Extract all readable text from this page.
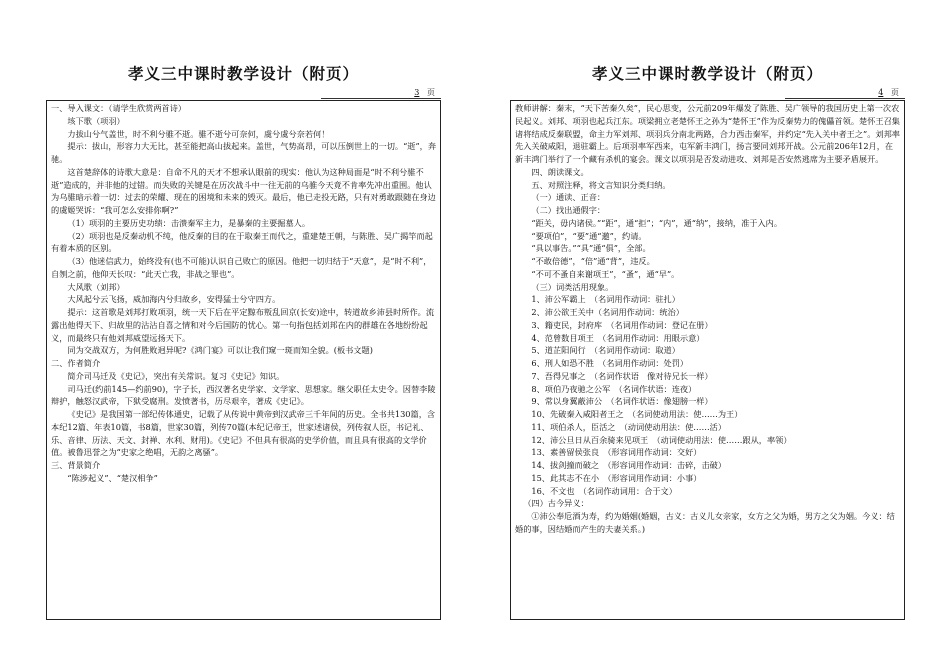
孝义三中课时教学设计（附页）
3 页

一、导入课文：（请学生欣赏两首诗）

垓下歌（项羽）

力拔山兮气盖世，时不利兮骓不逝。骓不逝兮可奈何，虞兮虞兮奈若何！

提示：拔山，形容力大无比，甚至能把高山拔起来。盖世，气势高昂，可以压倒世上的一切。“逝”，奔驰。

这首楚辞体的诗歌大意是：自命不凡的天才不想承认眼前的现实：他认为这种局面是“时不利兮骓不逝”造成的，并非他的过错。而失败的关键是在历次战斗中一往无前的乌骓今天竟不肯率先冲出重围。他认为乌骓暗示着一切：过去的荣耀、现在的困境和未来的毁灭。最后，他已走投无路，只有对勇敢跟随在身边的虞姬哭诉：“我可怎么安排你啊?”

（1）项羽的主要历史功绩：击溃秦军主力，是暴秦的主要掘墓人。

（2）项羽也是反秦动机不纯，他反秦的目的在于取秦王而代之，重建楚王朝，与陈胜、吴广揭竿而起有着本质的区别。

（3）他迷信武力，始终没有(也不可能)认识自己败亡的原因。他把一切归结于“天意”，是“时不利”，自刎之前，他仰天长叹：“此天亡我，非战之罪也”。

大风歌（刘邦）

大风起兮云飞扬，威加海内兮归故乡，安得猛士兮守四方。

提示：这首歌是刘邦打败项羽，统一天下后在平定黥布叛乱回京(长安)途中，转道故乡沛县时所作。流露出他得天下、归故里的沾沾自喜之情和对今后国防的忧心。第一句指包括刘邦在内的群雄在各地纷纷起义，而最终只有他刘邦威望远扬天下。

同为交战双方，为何胜败迥异呢?《鸿门宴》可以让我们窥一斑而知全貌。(板书文题)

二、作者简介

简介司马迁及《史记》，突出有关常识。复习《史记》知识。

司马迁(约前145—约前90)，字子长，西汉著名史学家、文学家、思想家。继父职任太史令。因替李陵辩护，触怒汉武帝，下狱受腐刑。发愤著书，历尽艰辛，著成《史记》。

《史记》是我国第一部纪传体通史，记载了从传说中黄帝到汉武帝三千年间的历史。全书共130篇，含本纪12篇、年表10篇，书8篇，世家30篇，列传70篇(本纪记帝王，世家述诸侯，列传叙人臣，书记礼、乐、音律、历法、天文、封禅、水利、财用)。《史记》不但具有很高的史学价值，而且具有很高的文学价值。被鲁迅誉之为“史家之绝唱，无韵之离骚”。

三、背景简介

“陈涉起义”、“楚汉相争”

孝义三中课时教学设计（附页）
4 页

教师讲解：秦末，“天下苦秦久矣”，民心思变，公元前209年爆发了陈胜、吴广领导的我国历史上第一次农民起义。刘邦、项羽也起兵江东。项梁拥立老楚怀王之孙为“楚怀王”作为反秦势力的傀儡首领。楚怀王召集诸将结成反秦联盟，命主力军刘邦、项羽兵分南北两路，合力西击秦军，并约定“先入关中者王之”。刘邦率先入关破咸阳，退驻霸上。后项羽率军西来，屯军新丰鸿门，扬言要同刘邦开战。公元前206年12月，在新丰鸿门举行了一个藏有杀机的宴会。课文以项羽是否发动进攻、刘邦是否安然逃席为主要矛盾展开。

四、朗读课文。

五、对照注释，将文言知识分类归纳。

（一）通读、正音：

（二）找出通假字：

“距关，毋内诸侯。”“距”，通“拒”；“内”，通“纳”，接纳，准于入内。

“要项伯”，“要”通“邀”，约请。

“具以事告。”“具”通“俱”，全部。

“不敢倍德”，“倍”通“背”，违反。

“不可不蚤自来谢项王”，“蚤”，通“早”。

（三）词类活用现象。

1、沛公军霸上　（名词用作动词：驻扎）

2、沛公欲王关中（名词用作动词：统治）

3、籍吏民，封府库　（名词用作动词：登记在册）

4、范曾数目项王　（名词用作动词：用眼示意）

5、道芷阳间行　（名词用作动词：取道）

6、刑人如恐不胜　（名词用作动词：处罚）

7、吾得兄事之　（名词作状语　像对待兄长一样）

8、项伯乃夜驰之公军　（名词作状语：连夜）

9、常以身翼蔽沛公　（名词作状语：像翅膀一样）

10、先破秦入咸阳者王之　（名词使动用法：使……为王）

11、项伯杀人，臣活之　（动词使动用法：使……活）

12、沛公旦日从百余骑来见项王　（动词使动用法：使……跟从，率领）

13、素善留侯张良　（形容词用作动词：交好）

14、拔剑撞而破之　（形容词用作动词：击碎，击破）

15、此其志不在小　（形容词用作动词：小事）

16、不文也　（名词作动词用：合于文）

（四）古今异义：

①沛公奉卮酒为寿，约为婚姻(婚姻，古义：古义儿女亲家，女方之父为婚，男方之父为姻。今义：结婚的事，因结婚而产生的夫妻关系。)
